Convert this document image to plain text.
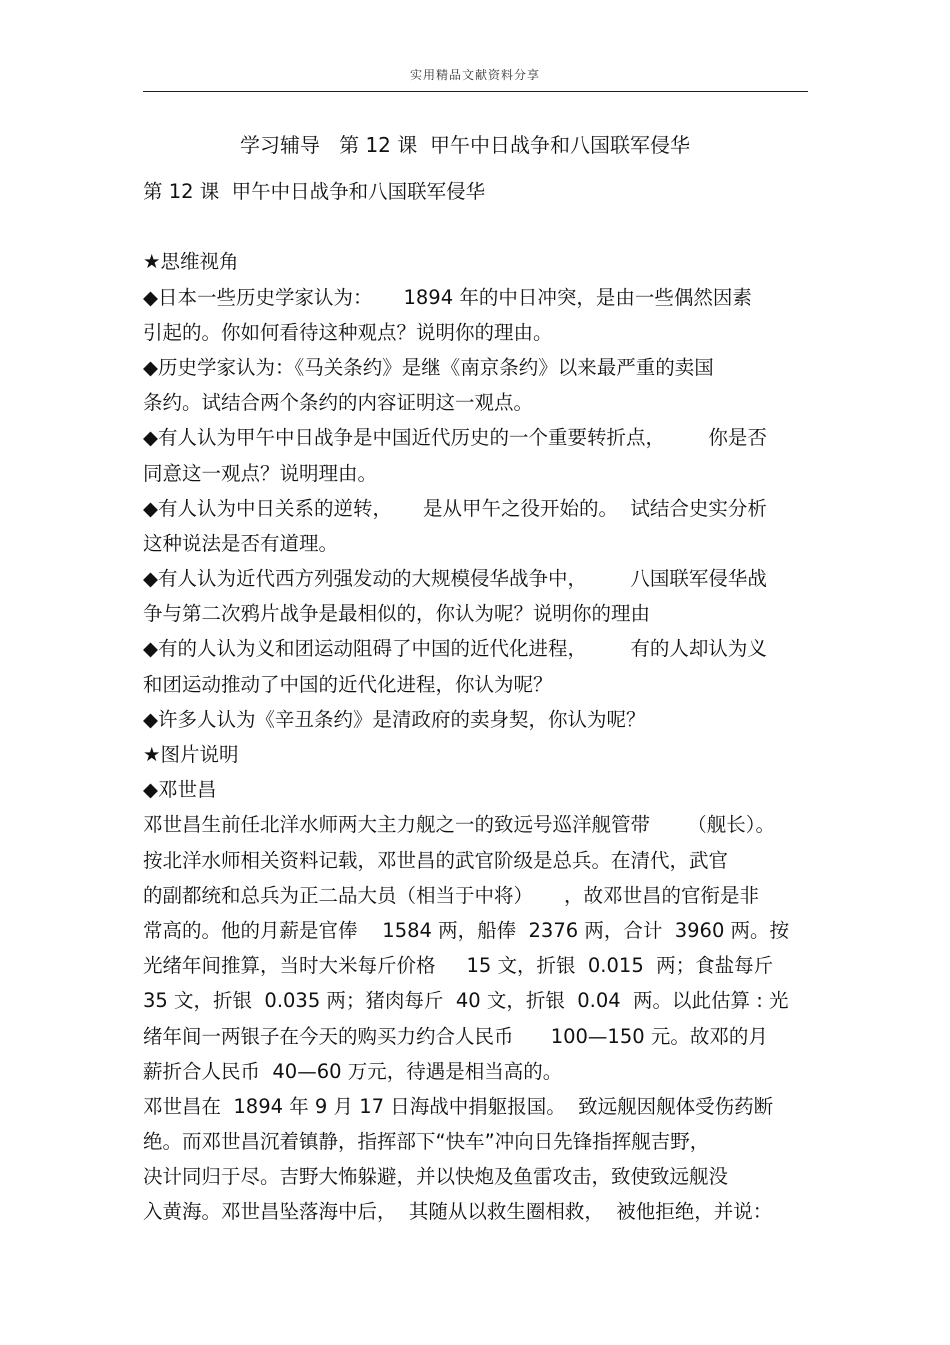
实用精品文献资料分享
学习辅导   第 12 课  甲午中日战争和八国联军侵华
第 12 课  甲午中日战争和八国联军侵华
★思维视角
◆日本一些历史学家认为：     1894 年的中日冲突，是由一些偶然因素
引起的。你如何看待这种观点？说明你的理由。
◆历史学家认为：《马关条约》是继《南京条约》以来最严重的卖国
条约。试结合两个条约的内容证明这一观点。
◆有人认为甲午中日战争是中国近代历史的一个重要转折点，       你是否
同意这一观点？说明理由。
◆有人认为中日关系的逆转，     是从甲午之役开始的。  试结合史实分析
这种说法是否有道理。
◆有人认为近代西方列强发动的大规模侵华战争中，       八国联军侵华战
争与第二次鸦片战争是最相似的，你认为呢？说明你的理由
◆有的人认为义和团运动阻碍了中国的近代化进程，       有的人却认为义
和团运动推动了中国的近代化进程，你认为呢？
◆许多人认为《辛丑条约》是清政府的卖身契，你认为呢？
★图片说明
◆邓世昌
邓世昌生前任北洋水师两大主力舰之一的致远号巡洋舰管带      （舰长）。
按北洋水师相关资料记载，邓世昌的武官阶级是总兵。在清代，武官
的副都统和总兵为正二品大员（相当于中将）     ，故邓世昌的官衔是非
常高的。他的月薪是官俸    1584 两，船俸  2376 两，合计  3960 两。按
光绪年间推算，当时大米每斤价格     15 文，折银  0.015  两；食盐每斤
35 文，折银  0.035 两；猪肉每斤  40 文，折银  0.04  两。以此估算 : 光
绪年间一两银子在今天的购买力约合人民币      100—150 元。故邓的月
薪折合人民币  40—60 万元，待遇是相当高的。
邓世昌在  1894 年 9 月 17 日海战中捐躯报国。  致远舰因舰体受伤药断
绝。而邓世昌沉着镇静，指挥部下“快车”冲向日先锋指挥舰吉野，
决计同归于尽。吉野大怖躲避，并以快炮及鱼雷攻击，致使致远舰没
入黄海。邓世昌坠落海中后，  其随从以救生圈相救，  被他拒绝，并说：
